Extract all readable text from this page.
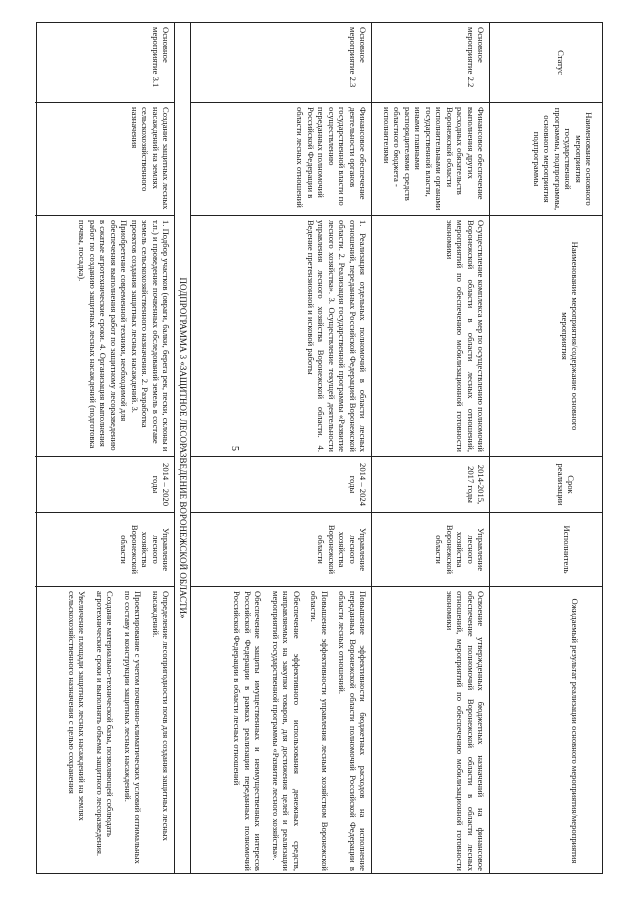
5
Статус
Наименование основного мероприятия государственной программы, подпрограммы, основного мероприятия подпрограммы
Наименование мероприятия/содержание основного мероприятия
Срок реализации
Исполнитель
Ожидаемый результат реализации основного мероприятия/мероприятия
Основное мероприятие 2.2
Финансовое обеспечение выполнения других расходных обязательств Воронежской области исполнительными органами государственной власти, иными главными распорядителями средств областного бюджета - исполнителями
Осуществление комплекса мер по осуществлению полномочий Воронежской области в области лесных отношений, мероприятий по обеспечению мобилизационной готовности экономики
2014-2015, 2017 годы
Управление лесного хозяйства Воронежской области

Освоение утвержденных бюджетных назначений на финансовое обеспечение полномочий Воронежской области в области лесных отношений, мероприятий по обеспечению мобилизационной готовности экономики

Основное мероприятие 2.3
Финансовое обеспечение деятельности органов государственной власти по осуществлению переданных полномочий Российской Федерации в области лесных отношений
1. Реализация отдельных полномочий в области лесных отношений, переданных Российской Федерацией Воронежской области. 2. Реализация государственной программы «Развитие лесного хозяйства». 3. Осуществление текущей деятельности управления лесного хозяйства Воронежской области. 4. Ведение претензионной и исковой работы
2014 – 2024 годы
Управление лесного хозяйства Воронежской области

Повышение эффективности бюджетных расходов на исполнение переданных Воронежской области полномочий Российской Федерации в области лесных отношений.

Повышение эффективности управления лесным хозяйством Воронежской области.

Обеспечение эффективного использования денежных средств, направляемых на закупки товаров, для достижения целей и реализации мероприятий государственной программы «Развитие лесного хозяйства».

Обеспечение защиты имущественных и неимущественных интересов Российской Федерации в рамках реализации переданных полномочий Российской Федерации в области лесных отношений

ПОДПРОГРАММА 3 «ЗАЩИТНОЕ ЛЕСОРАЗВЕДЕНИЕ ВОРОНЕЖСКОЙ ОБЛАСТИ»
Основное мероприятие 3.1
Создание защитных лесных насаждений на землях сельскохозяйственного назначения
1. Подбор участков (овраги, балки, берега рек, пески, склоны и т.п.) и проведение почвенных обследований земель в составе земель сельскохозяйственного назначения. 2. Разработка проектов создания защитных лесных насаждений. 3. Приобретение современной техники, необходимой для обеспечения выполнения работ по защитному лесоразведению в сжатые агротехнические сроки. 4. Организация выполнения работ по созданию защитных лесных насаждений (подготовка почвы, посадка).
2014 – 2020 годы
Управление лесного хозяйства Воронежской области

Определение лесопригодности почв для создания защитных лесных насаждений.

Проектирование с учетом почвенно-климатических условий оптимальных по составу и конструкции защитных лесных насаждений.

Создание материально-технической базы, позволяющей соблюдать агротехнические сроки и выполнять объемы защитного лесоразведения.

Увеличение площади защитных лесных насаждений на землях сельскохозяйственного назначения с целью сохранения
